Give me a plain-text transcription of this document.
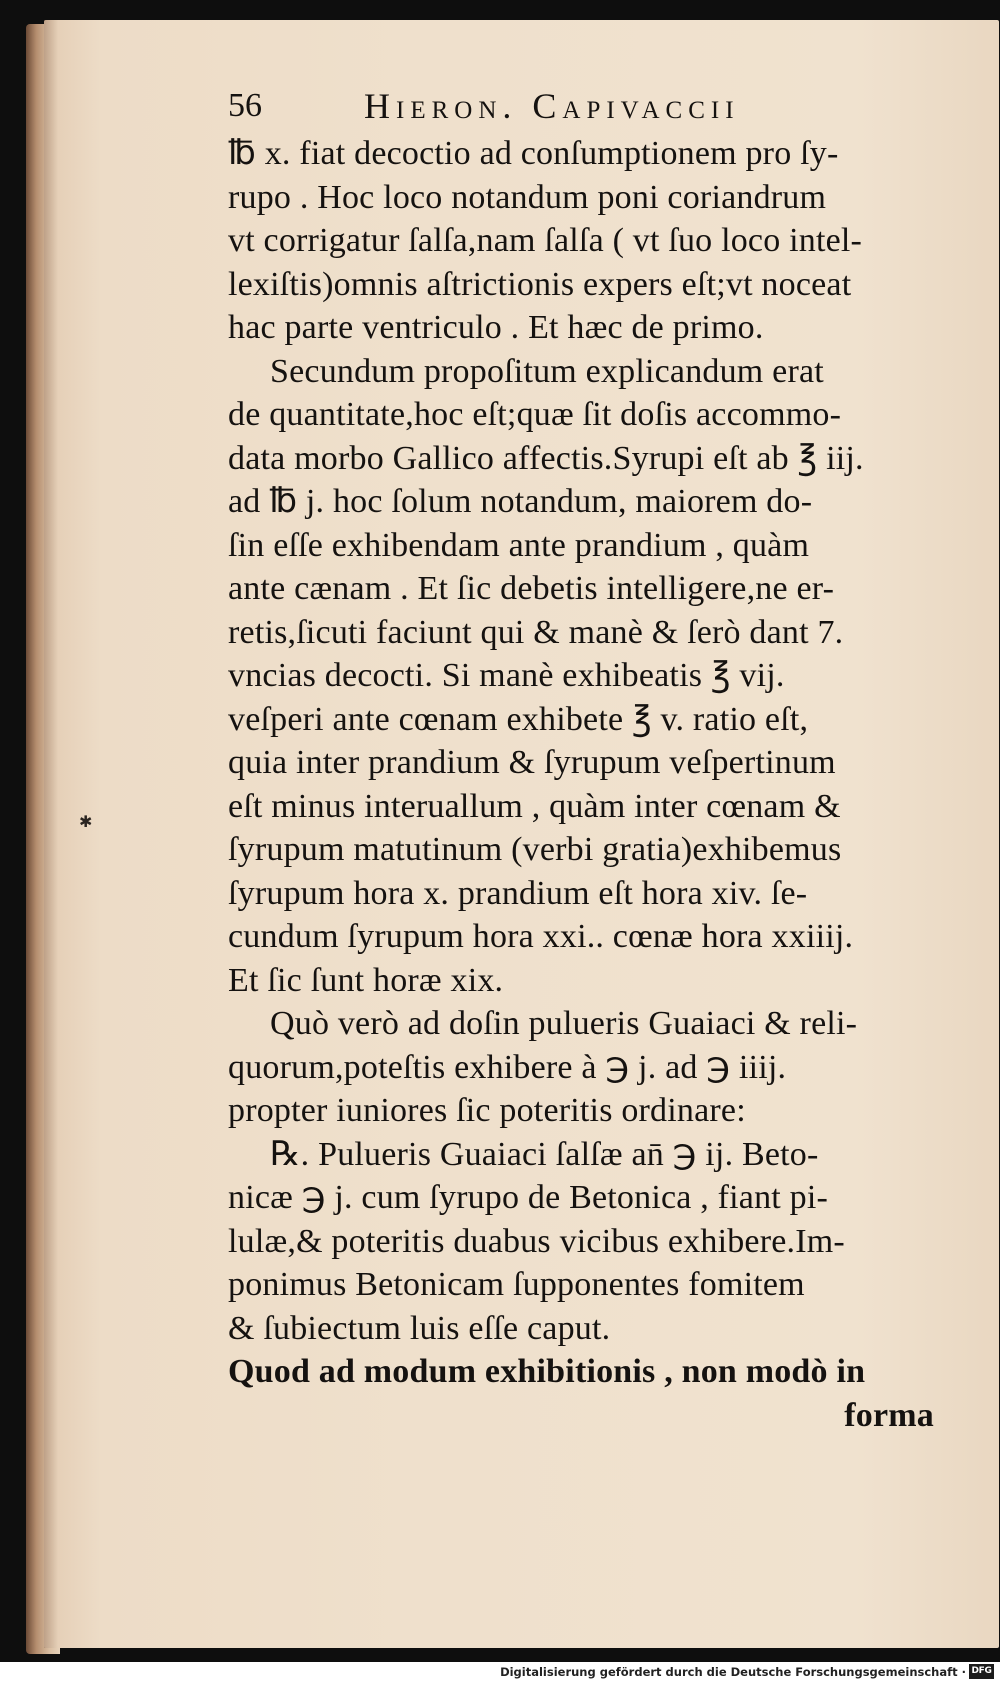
56	Hieron. Capivaccii
℔ x. fiat decoctio ad conſumptionem pro ſy-
rupo . Hoc loco notandum poni coriandrum
vt corrigatur ſalſa,nam ſalſa ( vt ſuo loco intel-
lexiſtis)omnis aſtrictionis expers eſt;vt noceat
hac parte ventriculo . Et hæc de primo.
Secundum propoſitum explicandum erat
de quantitate,hoc eſt;quæ ſit doſis accommo-
data morbo Gallico affectis.Syrupi eſt ab ℥ iij.
ad ℔ j. hoc ſolum notandum, maiorem do-
ſin eſſe exhibendam ante prandium , quàm
ante cænam . Et ſic debetis intelligere,ne er-
retis,ſicuti faciunt qui & manè & ſerò dant 7.
vncias decocti. Si manè exhibeatis ℥ vij.
veſperi ante cœnam exhibete ℥ v. ratio eſt,
quia inter prandium & ſyrupum veſpertinum
eſt minus interuallum , quàm inter cœnam &
ſyrupum matutinum (verbi gratia)exhibemus
ſyrupum hora x. prandium eſt hora xiv. ſe-
cundum ſyrupum hora xxi.. cœnæ hora xxiiij.
Et ſic ſunt horæ xix.
Quò verò ad doſin pulueris Guaiaci & reli-
quorum,poteſtis exhibere à ℈ j. ad ℈ iiij.
propter iuniores ſic poteritis ordinare:
℞. Pulueris Guaiaci ſalſæ an̄ ℈ ij. Beto-
nicæ ℈ j. cum ſyrupo de Betonica , fiant pi-
lulæ,& poteritis duabus vicibus exhibere.Im-
ponimus Betonicam ſupponentes fomitem
& ſubiectum luis eſſe caput.
Quod ad modum exhibitionis , non modò in
forma
✱
Digitalisierung gefördert durch die Deutsche Forschungsgemeinschaft · DFG
